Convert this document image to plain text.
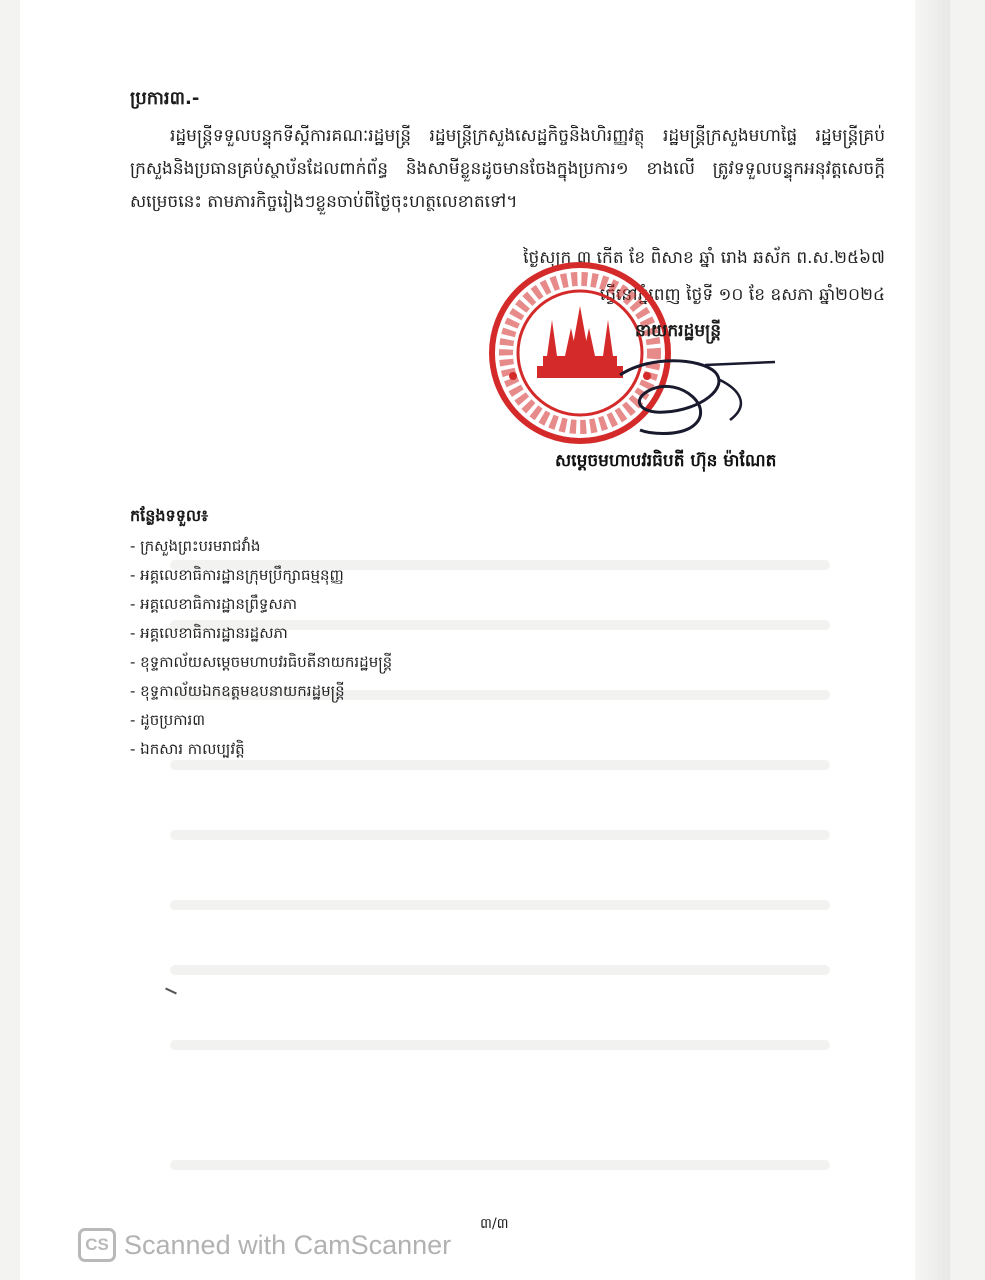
ប្រការ៣.-
រដ្ឋមន្ត្រីទទួលបន្ទុកទីស្តីការគណៈរដ្ឋមន្ត្រី រដ្ឋមន្ត្រីក្រសួងសេដ្ឋកិច្ចនិងហិរញ្ញវត្ថុ រដ្ឋមន្ត្រីក្រសួងមហាផ្ទៃ រដ្ឋមន្ត្រីគ្រប់ក្រសួងនិងប្រធានគ្រប់ស្ថាប័នដែលពាក់ព័ន្ធ និងសាមីខ្លួនដូចមានចែងក្នុងប្រការ១ ខាងលើ ត្រូវទទួលបន្ទុកអនុវត្តសេចក្តីសម្រេចនេះ តាមភារកិច្ចរៀងៗខ្លួនចាប់ពីថ្ងៃចុះហត្ថលេខាតទៅ។
ថ្ងៃសុក្រ ៣ កើត ខែ ពិសាខ ឆ្នាំ រោង ឆស័ក ព.ស.២៥៦៧
ធ្វើនៅភ្នំពេញ ថ្ងៃទី ១០ ខែ ឧសភា ឆ្នាំ២០២៤
នាយករដ្ឋមន្ត្រី
សម្តេចមហាបវរធិបតី ហ៊ុន ម៉ាណែត
កន្លែងទទួល៖
- ក្រសួងព្រះបរមរាជវាំង
- អគ្គលេខាធិការដ្ឋានក្រុមប្រឹក្សាធម្មនុញ្ញ
- អគ្គលេខាធិការដ្ឋានព្រឹទ្ធសភា
- អគ្គលេខាធិការដ្ឋានរដ្ឋសភា
- ខុទ្ទកាល័យសម្តេចមហាបវរធិបតីនាយករដ្ឋមន្ត្រី
- ខុទ្ទកាល័យឯកឧត្តមឧបនាយករដ្ឋមន្ត្រី
- ដូចប្រការ៣
- ឯកសារ កាលប្បវត្តិ
៣/៣
CS Scanned with CamScanner
